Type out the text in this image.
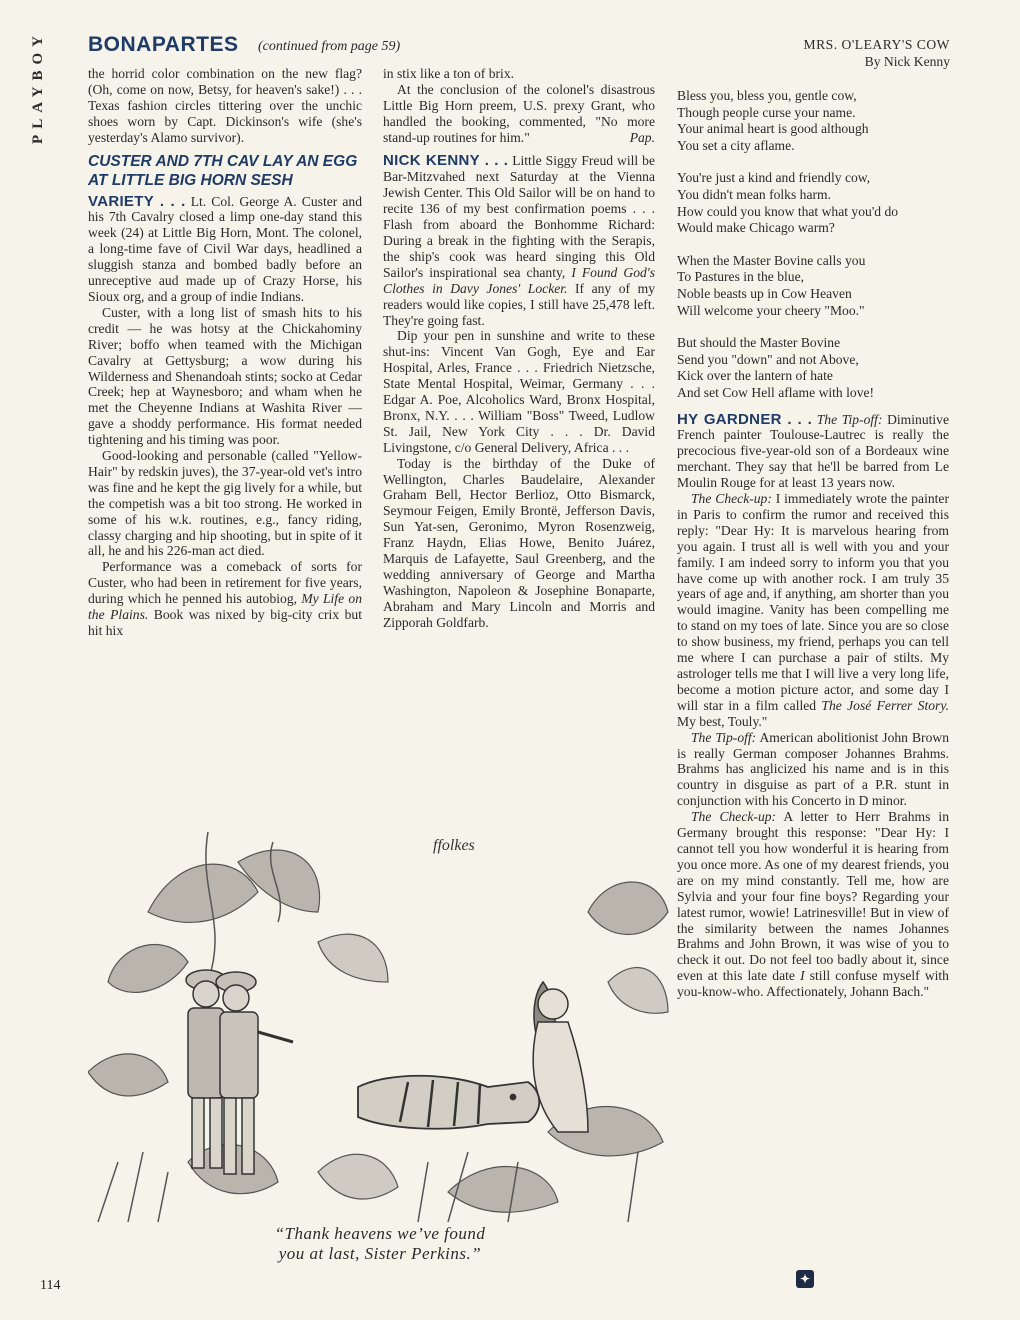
PLAYBOY
114
BONAPARTES (continued from page 59)

the horrid color combination on the new flag? (Oh, come on now, Betsy, for heaven's sake!) . . . Texas fashion circles tittering over the unchic shoes worn by Capt. Dickinson's wife (she's yesterday's Alamo survivor).

CUSTER AND 7TH CAV LAY AN EGG AT LITTLE BIG HORN SESH

VARIETY . . . Lt. Col. George A. Custer and his 7th Cavalry closed a limp one-day stand this week (24) at Little Big Horn, Mont. The colonel, a long-time fave of Civil War days, headlined a sluggish stanza and bombed badly before an unreceptive aud made up of Crazy Horse, his Sioux org, and a group of indie Indians.

Custer, with a long list of smash hits to his credit — he was hotsy at the Chickahominy River; boffo when teamed with the Michigan Cavalry at Gettysburg; a wow during his Wilderness and Shenandoah stints; socko at Cedar Creek; hep at Waynesboro; and wham when he met the Cheyenne Indians at Washita River — gave a shoddy performance. His format needed tightening and his timing was poor.

Good-looking and personable (called "Yellow-Hair" by redskin juves), the 37-year-old vet's intro was fine and he kept the gig lively for a while, but the competish was a bit too strong. He worked in some of his w.k. routines, e.g., fancy riding, classy charging and hip shooting, but in spite of it all, he and his 226-man act died.

Performance was a comeback of sorts for Custer, who had been in retirement for five years, during which he penned his autobiog, My Life on the Plains. Book was nixed by big-city crix but hit hix

in stix like a ton of brix.

At the conclusion of the colonel's disastrous Little Big Horn preem, U.S. prexy Grant, who handled the booking, commented, "No more stand-up routines for him."	Pap.

NICK KENNY . . . Little Siggy Freud will be Bar-Mitzvahed next Saturday at the Vienna Jewish Center. This Old Sailor will be on hand to recite 136 of my best confirmation poems . . . Flash from aboard the Bonhomme Richard: During a break in the fighting with the Serapis, the ship's cook was heard singing this Old Sailor's inspirational sea chanty, I Found God's Clothes in Davy Jones' Locker. If any of my readers would like copies, I still have 25,478 left. They're going fast.

Dip your pen in sunshine and write to these shut-ins: Vincent Van Gogh, Eye and Ear Hospital, Arles, France . . . Friedrich Nietzsche, State Mental Hospital, Weimar, Germany . . . Edgar A. Poe, Alcoholics Ward, Bronx Hospital, Bronx, N.Y. . . . William "Boss" Tweed, Ludlow St. Jail, New York City . . . Dr. David Livingstone, c/o General Delivery, Africa . . .

Today is the birthday of the Duke of Wellington, Charles Baudelaire, Alexander Graham Bell, Hector Berlioz, Otto Bismarck, Seymour Feigen, Emily Brontë, Jefferson Davis, Sun Yat-sen, Geronimo, Myron Rosenzweig, Franz Haydn, Elias Howe, Benito Juárez, Marquis de Lafayette, Saul Greenberg, and the wedding anniversary of George and Martha Washington, Napoleon & Josephine Bonaparte, Abraham and Mary Lincoln and Morris and Zipporah Goldfarb.

MRS. O'LEARY'S COW
By Nick Kenny
Bless you, bless you, gentle cow,
Though people curse your name.
Your animal heart is good although
You set a city aflame.
You're just a kind and friendly cow,
You didn't mean folks harm.
How could you know that what you'd do
Would make Chicago warm?
When the Master Bovine calls you
To Pastures in the blue,
Noble beasts up in Cow Heaven
Will welcome your cheery "Moo."
But should the Master Bovine
Send you "down" and not Above,
Kick over the lantern of hate
And set Cow Hell aflame with love!

HY GARDNER . . . The Tip-off: Diminutive French painter Toulouse-Lautrec is really the precocious five-year-old son of a Bordeaux wine merchant. They say that he'll be barred from Le Moulin Rouge for at least 13 years now.

The Check-up: I immediately wrote the painter in Paris to confirm the rumor and received this reply: "Dear Hy: It is marvelous hearing from you again. I trust all is well with you and your family. I am indeed sorry to inform you that you have come up with another rock. I am truly 35 years of age and, if anything, am shorter than you would imagine. Vanity has been compelling me to stand on my toes of late. Since you are so close to show business, my friend, perhaps you can tell me where I can purchase a pair of stilts. My astrologer tells me that I will live a very long life, become a motion picture actor, and some day I will star in a film called The José Ferrer Story. My best, Touly."

The Tip-off: American abolitionist John Brown is really German composer Johannes Brahms. Brahms has anglicized his name and is in this country in disguise as part of a P.R. stunt in conjunction with his Concerto in D minor.

The Check-up: A letter to Herr Brahms in Germany brought this response: "Dear Hy: I cannot tell you how wonderful it is hearing from you once more. As one of my dearest friends, you are on my mind constantly. Tell me, how are Sylvia and your four fine boys? Regarding your latest rumor, wowie! Latrinesville! But in view of the similarity between the names Johannes Brahms and John Brown, it was wise of you to check it out. Do not feel too badly about it, since even at this late date I still confuse myself with you-know-who. Affectionately, Johann Bach."

ffolkes
“Thank heavens we’ve found
you at last, Sister Perkins.”
✦
